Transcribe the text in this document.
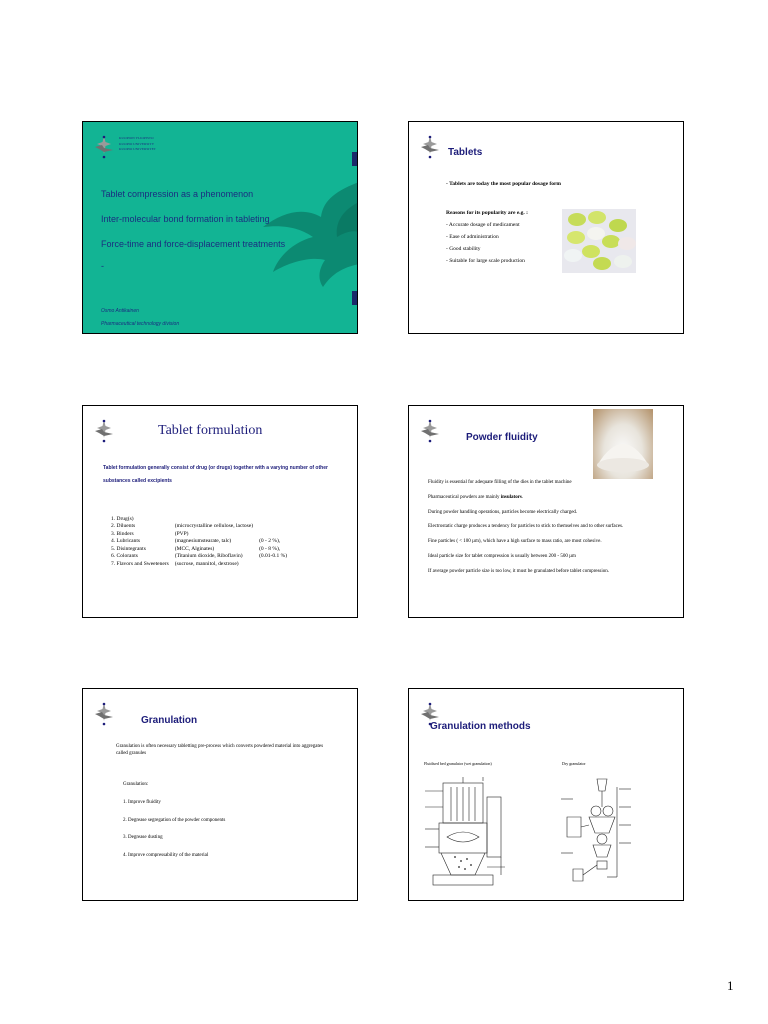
KUOPION YLIOPISTO
KUOPIO UNIVERSITY
KUOPIO UNIVERSITET
Tablet compression as a phenomenon
Inter-molecular bond formation in tableting
Force-time and force-displacement treatments
-
Osmo Antikainen
Pharmaceutical technology division
Tablets
- Tablets are today the most popular dosage form
Reasons for its popularity are e.g. :
- Accurate dosage of medicament
- Ease of administration
- Good stability
- Suitable for large scale production
Tablet formulation
Tablet formulation generally consist of drug (or drugs) together with a varying number of other
substances called excipients
1. Drug(s)		
2. Diluents	(microcrystalline cellulose, lactose)	
3. Binders	(PVP)	
4. Lubricants	(magnesiumstearate, talc)	(0 - 2 %),
5. Disintegrants	(MCC, Alginates)	(0 - 8 %),
6. Colorants	(Titanium dioxide, Riboflavin)	(0.01-0.1 %)
7. Flavors and Sweeteners	(sucrose, mannitol, dextrose)	
Powder fluidity
Fluidity is essential for adequate filling of the dies in the tablet machine
Pharmaceutical powders are mainly insulators.
During powder handling operations, particles become electrically charged.
Electrostatic charge produces a tendency for particles to stick to themselves and to other surfaces.
Fine particles ( < 100 µm), which have a high surface to mass ratio, are most cohesive.
Ideal particle size for tablet compression is usually between 200 - 500 µm
If average powder particle size is too low, it must be granulated before tablet compression.
Granulation
Granulation is often necessary tabletting pre-process which converts powdered material into aggregates called granules
Granulation:
1. Improve fluidity
2. Degrease segregation of the powder components
3. Degrease dusting
4. Improve compressability of the material
Granulation methods
Fluidised bed granulator (wet granulation)	Dry granulator
1
